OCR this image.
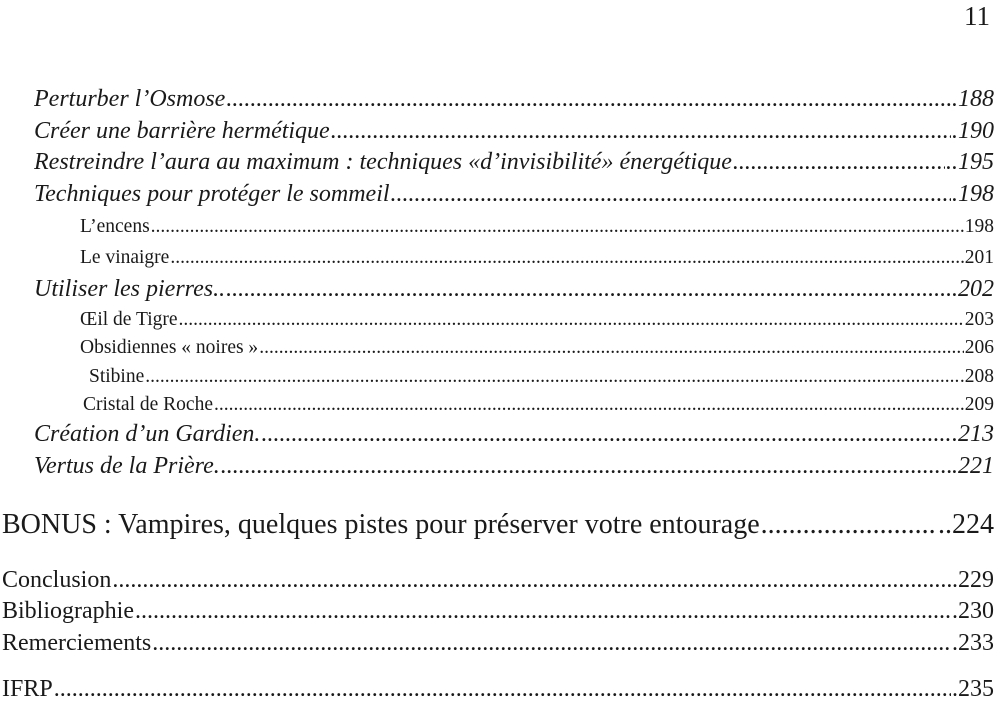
11
Perturber l’Osmose .....	.188
Créer une barrière hermétique .....	.190
Restreindre l’aura au maximum : techniques «d’invisibilité» énergétique .....	..195
Techniques pour protéger le sommeil .....	.198
L’encens .....	.198
Le vinaigre .....	201
Utiliser les pierres.. .....	.202
Œil de Tigre .....	203
Obsidiennes « noires » .....	206
Stibine .....	.208
Cristal de Roche .....	.209
Création d’un Gardien. .....	.213
Vertus de la Prière. .....	.221
BONUS : Vampires, quelques pistes pour préserver votre entourage .....	..224
Conclusion .....	.229
Bibliographie .....	.230
Remerciements .....	.233
IFRP .....	.235
